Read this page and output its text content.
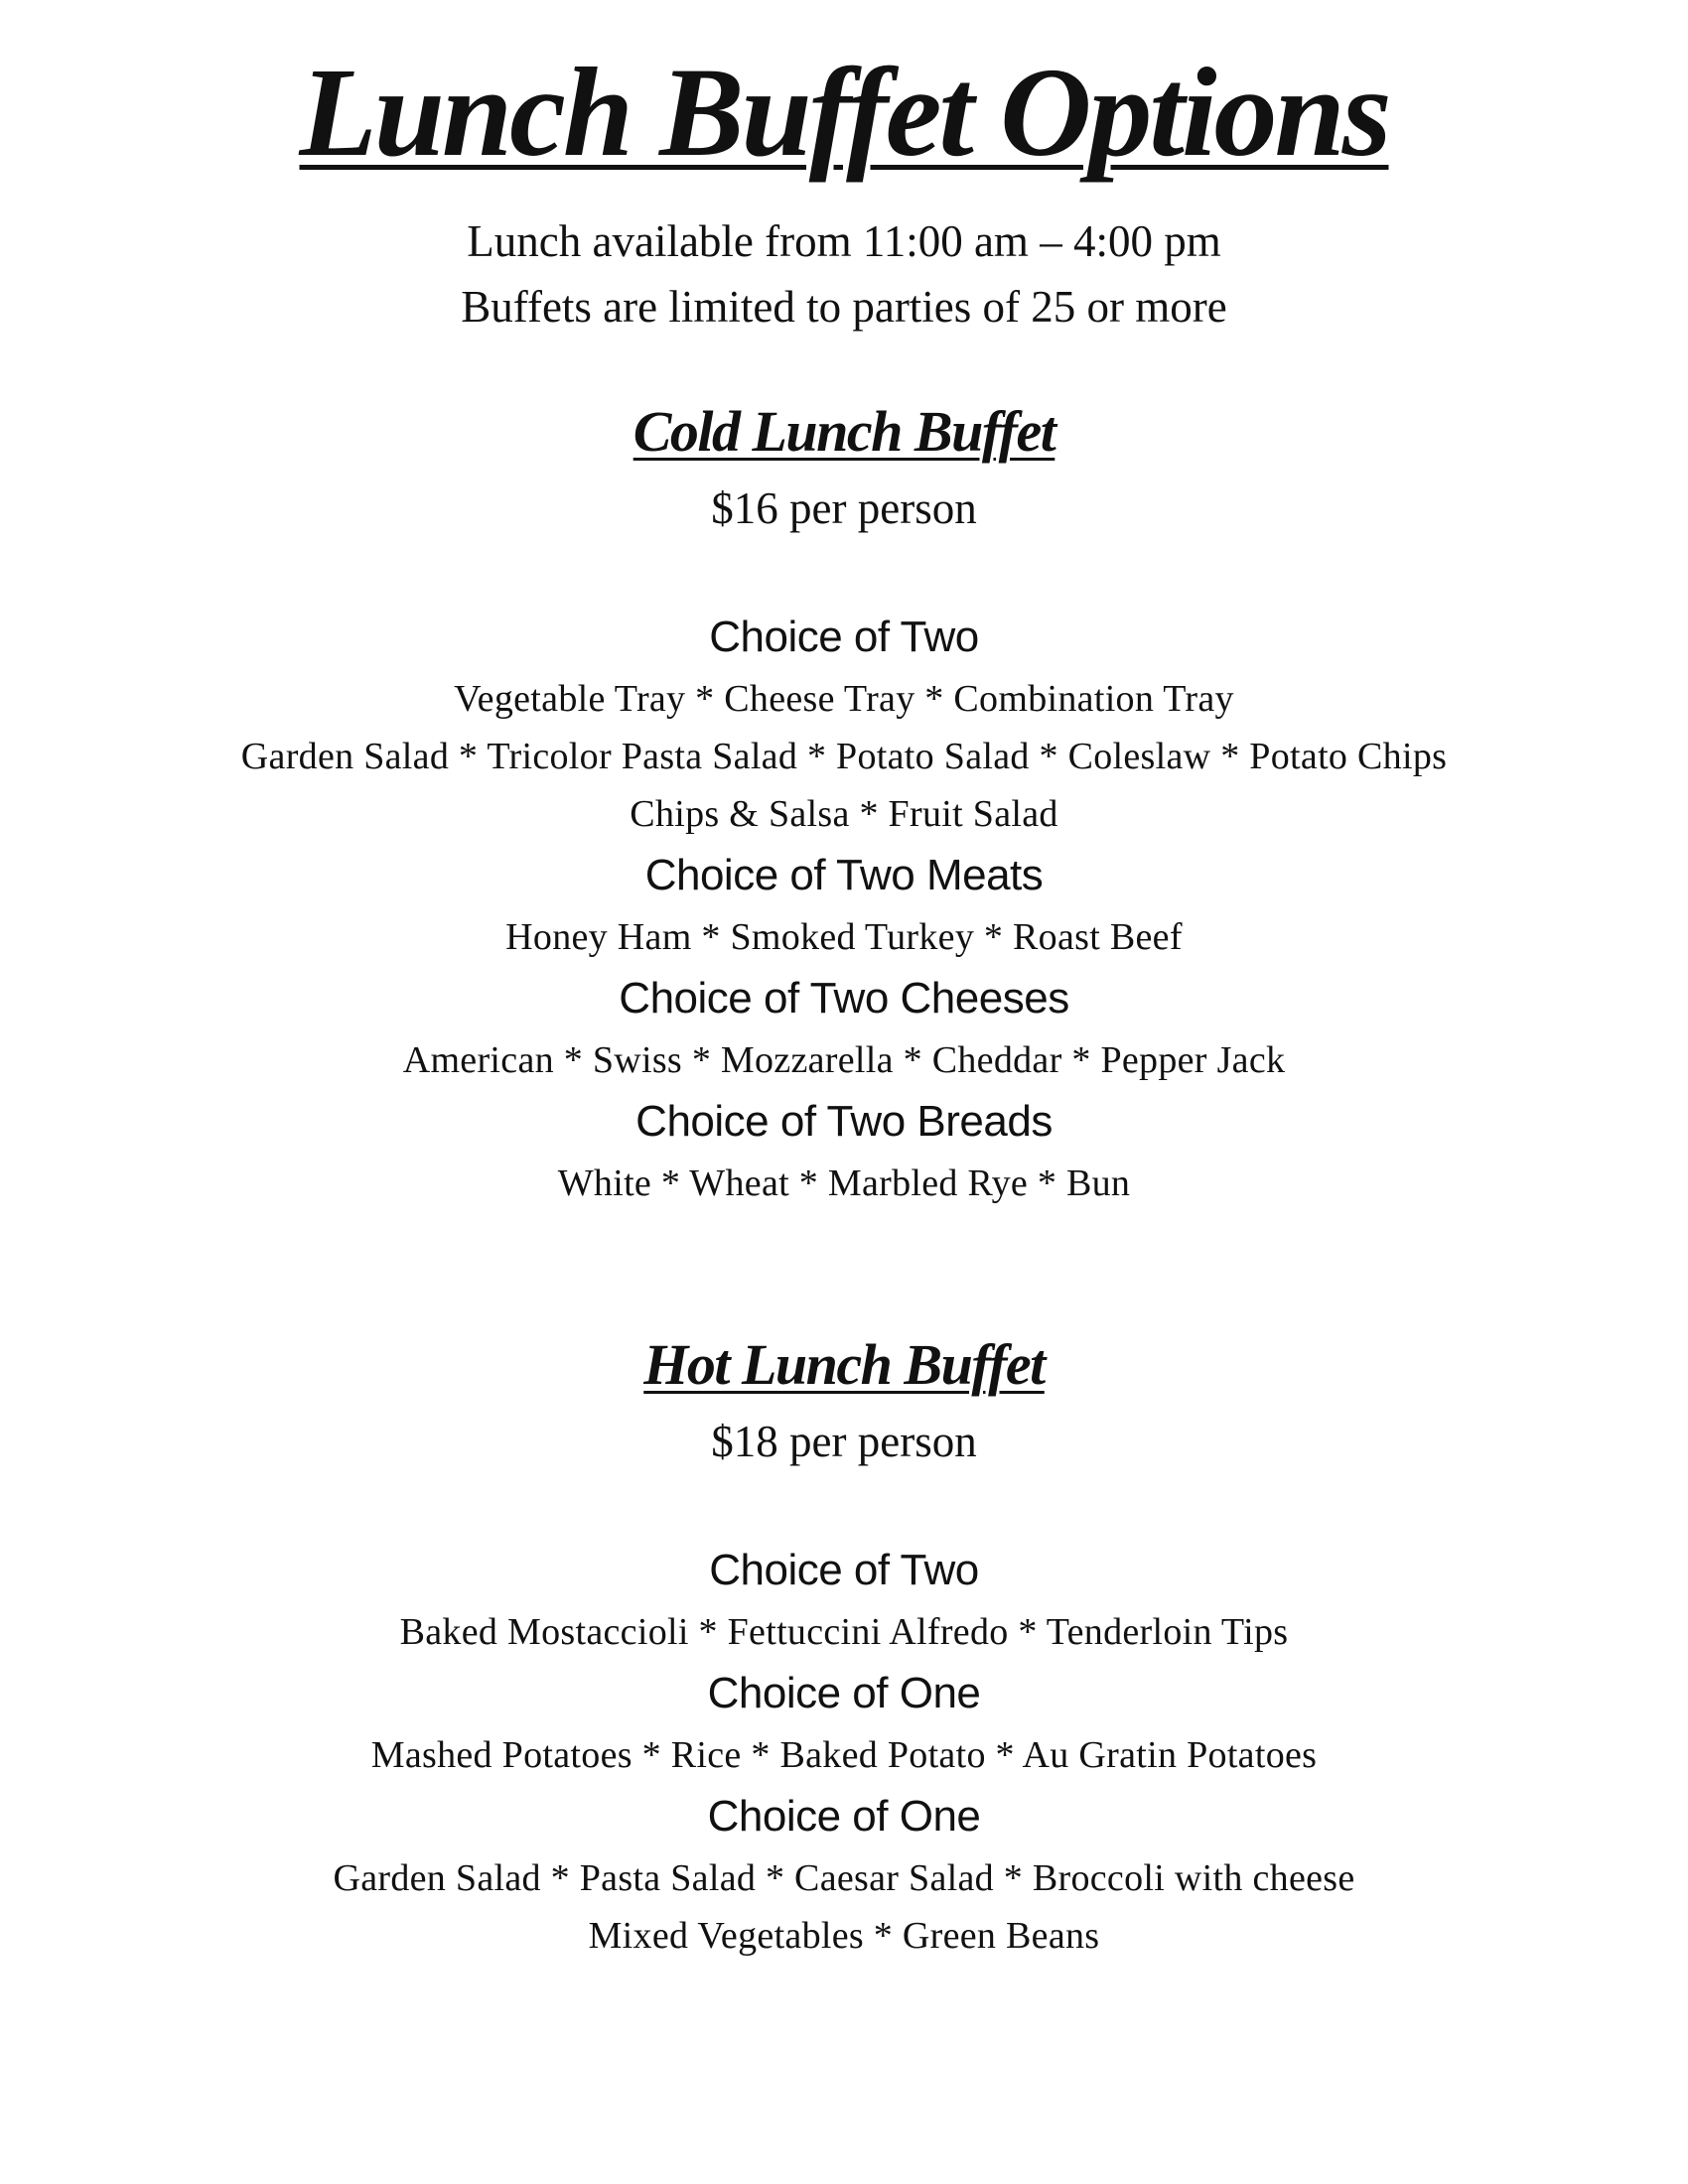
Lunch Buffet Options
Lunch available from 11:00 am – 4:00 pm
Buffets are limited to parties of 25 or more
Cold Lunch Buffet
$16 per person
Choice of Two
Vegetable Tray * Cheese Tray * Combination Tray
Garden Salad * Tricolor Pasta Salad * Potato Salad * Coleslaw * Potato Chips
Chips & Salsa * Fruit Salad
Choice of Two Meats
Honey Ham * Smoked Turkey * Roast Beef
Choice of Two Cheeses
American * Swiss * Mozzarella * Cheddar * Pepper Jack
Choice of Two Breads
White * Wheat * Marbled Rye * Bun
Hot Lunch Buffet
$18 per person
Choice of Two
Baked Mostaccioli * Fettuccini Alfredo * Tenderloin Tips
Choice of One
Mashed Potatoes * Rice * Baked Potato * Au Gratin Potatoes
Choice of One
Garden Salad * Pasta Salad * Caesar Salad * Broccoli with cheese
Mixed Vegetables * Green Beans
